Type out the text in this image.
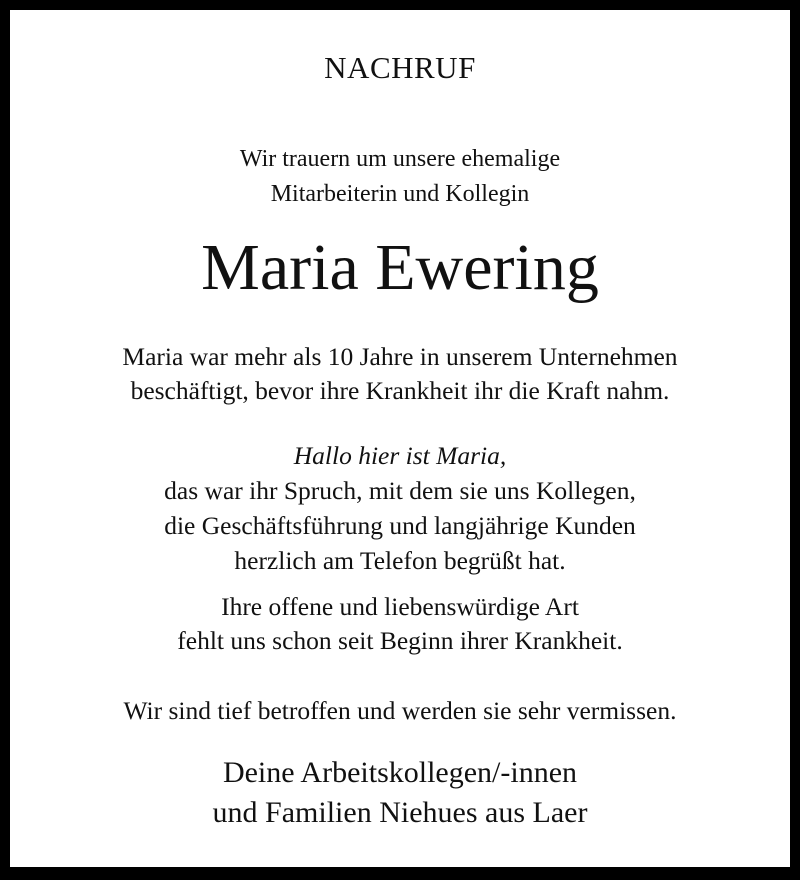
NACHRUF
Wir trauern um unsere ehemalige
Mitarbeiterin und Kollegin
Maria Ewering
Maria war mehr als 10 Jahre in unserem Unternehmen
beschäftigt, bevor ihre Krankheit ihr die Kraft nahm.
Hallo hier ist Maria,
das war ihr Spruch, mit dem sie uns Kollegen,
die Geschäftsführung und langjährige Kunden
herzlich am Telefon begrüßt hat.
Ihre offene und liebenswürdige Art
fehlt uns schon seit Beginn ihrer Krankheit.
Wir sind tief betroffen und werden sie sehr vermissen.
Deine Arbeitskollegen/-innen
und Familien Niehues aus Laer
